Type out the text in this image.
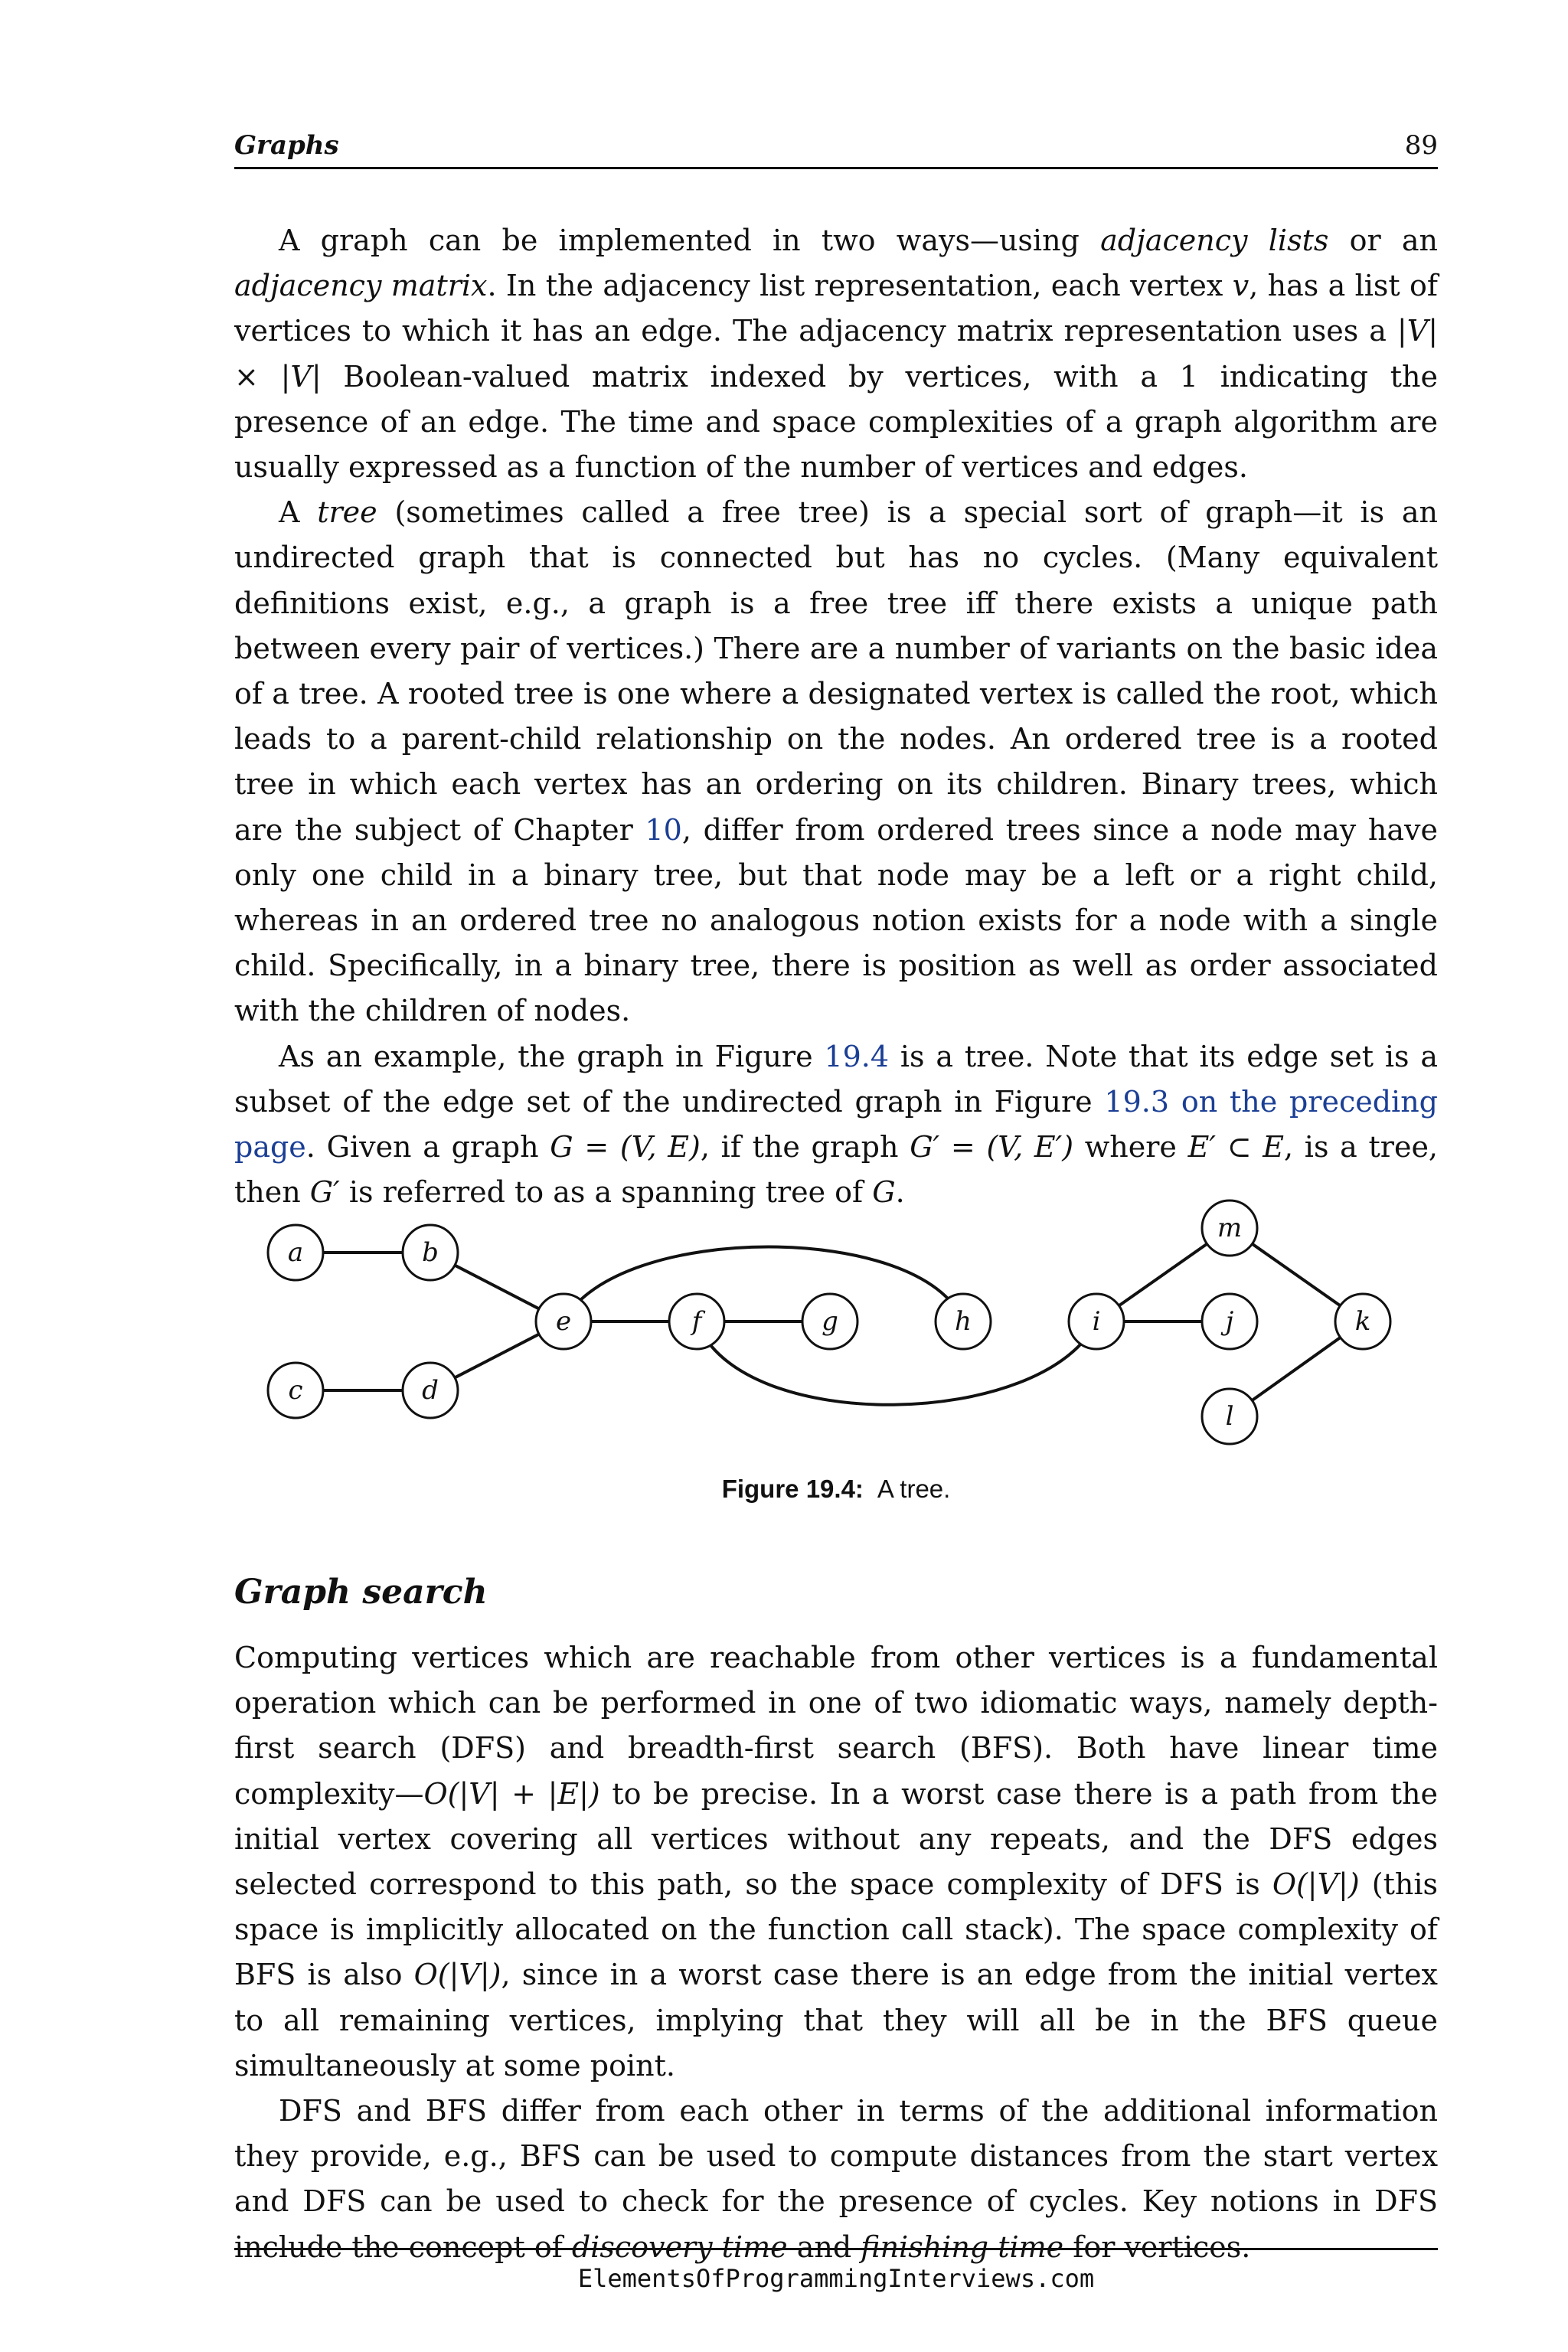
Graphs	89

A graph can be implemented in two ways—using adjacency lists or an adjacency matrix. In the adjacency list representation, each vertex v, has a list of vertices to which it has an edge. The adjacency matrix representation uses a |V| × |V| Boolean-valued matrix indexed by vertices, with a 1 indicating the presence of an edge. The time and space complexities of a graph algorithm are usually expressed as a function of the number of vertices and edges.

A tree (sometimes called a free tree) is a special sort of graph—it is an undirected graph that is connected but has no cycles. (Many equivalent definitions exist, e.g., a graph is a free tree iff there exists a unique path between every pair of vertices.) There are a number of variants on the basic idea of a tree. A rooted tree is one where a designated vertex is called the root, which leads to a parent-child relationship on the nodes. An ordered tree is a rooted tree in which each vertex has an ordering on its children. Binary trees, which are the subject of Chapter 10, differ from ordered trees since a node may have only one child in a binary tree, but that node may be a left or a right child, whereas in an ordered tree no analogous notion exists for a node with a single child. Specifically, in a binary tree, there is position as well as order associated with the children of nodes.

As an example, the graph in Figure 19.4 is a tree. Note that its edge set is a subset of the edge set of the undirected graph in Figure 19.3 on the preceding page. Given a graph G = (V, E), if the graph G′ = (V, E′) where E′ ⊂ E, is a tree, then G′ is referred to as a spanning tree of G.

a	b
c	d
e	f	g	h	i	j	k
l
m
Figure 19.4: A tree.
Graph search

Computing vertices which are reachable from other vertices is a fundamental operation which can be performed in one of two idiomatic ways, namely depth-first search (DFS) and breadth-first search (BFS). Both have linear time complexity—O(|V| + |E|) to be precise. In a worst case there is a path from the initial vertex covering all vertices without any repeats, and the DFS edges selected correspond to this path, so the space complexity of DFS is O(|V|) (this space is implicitly allocated on the function call stack). The space complexity of BFS is also O(|V|), since in a worst case there is an edge from the initial vertex to all remaining vertices, implying that they will all be in the BFS queue simultaneously at some point.

DFS and BFS differ from each other in terms of the additional information they provide, e.g., BFS can be used to compute distances from the start vertex and DFS can be used to check for the presence of cycles. Key notions in DFS include the concept of discovery time and finishing time for vertices.

ElementsOfProgrammingInterviews.com
